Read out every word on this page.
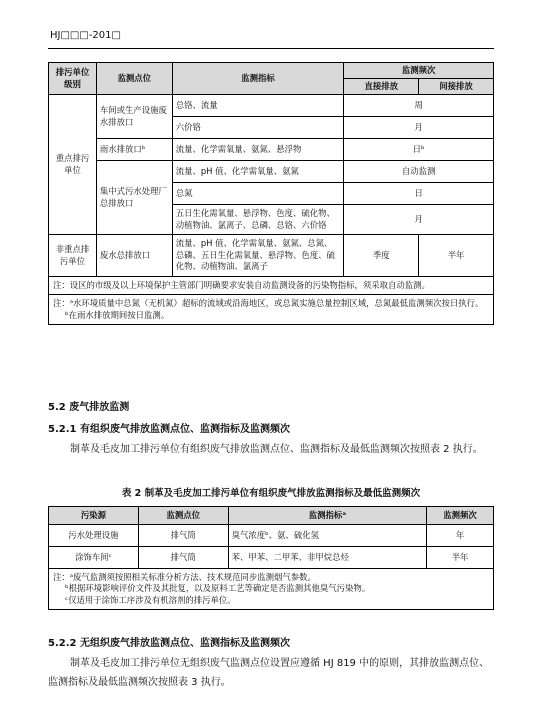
HJ□□□-201□
排污单位级别	监测点位	监测指标	监测频次	
			直接排放	间接排放
重点排污单位	车间或生产设施废水排放口	总铬、流量	周	
		六价铬	月	
	雨水排放口ᵇ	流量、化学需氧量、氨氮、悬浮物	日ᵇ	
	集中式污水处理厂总排放口	流量、pH 值、化学需氧量、氨氮	自动监测	
		总氮	日	
		五日生化需氧量、悬浮物、色度、硫化物、动植物油、氯离子、总磷、总铬、六价铬	月	
非重点排污单位	废水总排放口	流量、pH 值、化学需氧量、氨氮、总氮、总磷、五日生化需氧量、悬浮物、色度、硫化物、动植物油、氯离子	季度	半年
注：设区的市级及以上环境保护主管部门明确要求安装自动监测设备的污染物指标，须采取自动监测。				

注：ᵃ水环境质量中总氮（无机氮）超标的流域或沿海地区，或总氮实施总量控制区域，总氮最低监测频次按日执行。
ᵇ在雨水排放期间按日监测。				
5.2 废气排放监测
5.2.1 有组织废气排放监测点位、监测指标及监测频次
制革及毛皮加工排污单位有组织废气排放监测点位、监测指标及最低监测频次按照表 2 执行。
表 2 制革及毛皮加工排污单位有组织废气排放监测指标及最低监测频次
污染源	监测点位	监测指标ᵃ	监测频次
污水处理设施	排气筒	臭气浓度ᵇ、氨、硫化氢	年
涂饰车间ᶜ	排气筒	苯、甲苯、二甲苯、非甲烷总烃	半年

注：ᵃ废气监测须按照相关标准分析方法、技术规范同步监测烟气参数。
ᵇ根据环境影响评价文件及其批复，以及原料工艺等确定是否监测其他臭气污染物。
ᶜ仅适用于涂饰工序涉及有机溶剂的排污单位。			
5.2.2 无组织废气排放监测点位、监测指标及监测频次
制革及毛皮加工排污单位无组织废气监测点位设置应遵循 HJ 819 中的原则，其排放监测点位、监测指标及最低监测频次按照表 3 执行。
